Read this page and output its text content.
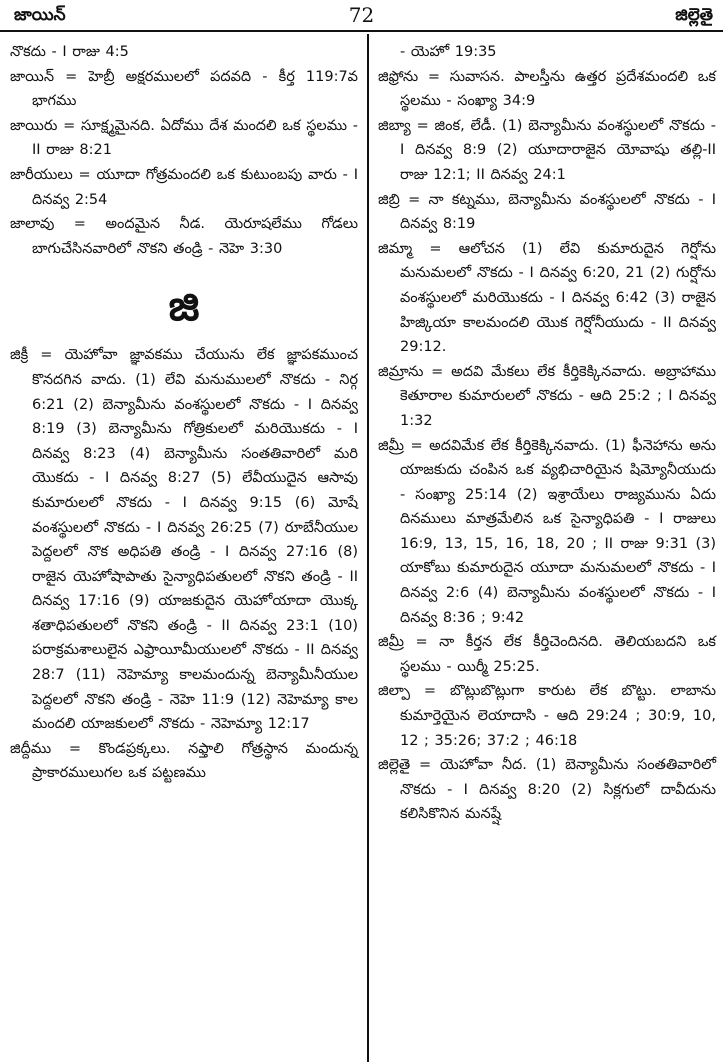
జాయిన్	72	జిల్లెతై

నొకదు - I రాజు 4:5

జాయిన్ = హెబ్రీ అక్షరములలో పదవది - కీర్త 119:7వ భాగము

జాయిరు = సూక్ష్మమైనది. ఏదోము దేశ మందలి ఒక స్థలము - II రాజు 8:21

జారీయులు = యూదా గోత్రమందలి ఒక కుటుంబపు వారు - I దినవ్వ 2:54

జాలావు = అందమైన నీడ. యెరూషలేము గోడలు బాగుచేసినవారిలో నొకని తండ్రి - నెహె 3:30

జి

జిక్రీ = యెహోవా జ్ఞావకము చేయును లేక జ్ఞాపకముంచ కొనదగిన వాదు. (1) లేవి మనుములలో నొకదు - నిర్గ 6:21 (2) బెన్యామీను వంశస్థులలో నొకదు - I దినవ్వ 8:19 (3) బెన్యామీను గోత్రికులలో మరియొకదు - I దినవ్వ 8:23 (4) బెన్యామీను సంతతివారిలో మరి యొకదు - I దినవ్వ 8:27 (5) లేవీయుదైన ఆసావు కుమారులలో నొకదు - I దినవ్వ 9:15 (6) మోషే వంశస్థులలో నొకదు - I దినవ్వ 26:25 (7) రూబేనీయుల పెద్దలలో నొక అధిపతి తండ్రి - I దినవ్వ 27:16 (8) రాజైన యెహోషాపాతు సైన్యాధిపతులలో నొకని తండ్రి - II దినవ్వ 17:16 (9) యాజకుదైన యెహోయాదా యొక్క శతాధిపతులలో నొకని తండ్రి - II దినవ్వ 23:1 (10) పరాక్రమశాలులైన ఎఫ్రాయీమీయులలో నొకదు - II దినవ్వ 28:7 (11) నెహెమ్యా కాలమందున్న బెన్యామీనీయుల పెద్దలలో నొకని తండ్రి - నెహె 11:9 (12) నెహెమ్యా కాల మందలి యాజకులలో నొకదు - నెహెమ్యా 12:17

జిద్దీము = కొండప్రక్కలు. నఫ్తాలి గోత్రస్థాన మందున్న ప్రాకారములుగల ఒక పట్టణము

- యెహో 19:35

జిఫ్రోను = సువాసన. పాలస్తీను ఉత్తర ప్రదేశమందలి ఒక స్థలము - సంఖ్యా 34:9

జిబ్యా = జింక, లేడీ. (1) బెన్యామీను వంశస్థులలో నొకదు - I దినవ్వ 8:9 (2) యూదారాజైన యోవాషు తల్లి-II రాజు 12:1; II దినవ్వ 24:1

జిబ్రి = నా కట్నము, బెన్యామీను వంశస్థులలో నొకదు - I దినవ్వ 8:19

జిమ్మా = ఆలోచన (1) లేవి కుమారుదైన గెర్షోను మనుమలలో నొకదు - I దినవ్వ 6:20, 21 (2) గుర్షోను వంశస్థులలో మరియొకదు - I దినవ్వ 6:42 (3) రాజైన హిజ్కియా కాలమందలి యొక గెర్షోనీయుదు - II దినవ్వ 29:12.

జిమ్రాను = అదవి మేకలు లేక కీర్తికెక్కినవాదు. అబ్రాహాము కెతూరాల కుమారులలో నొకదు - ఆది 25:2 ; I దినవ్వ 1:32

జిమ్రీ = అదవిమేక లేక కీర్తికెక్కినవాదు. (1) ఫీనెహాను అను యాజకుదు చంపిన ఒక వ్యభిచారియైన షిమ్యోనీయుదు - సంఖ్యా 25:14 (2) ఇశ్రాయేలు రాజ్యమును ఏదు దినములు మాత్రమేలిన ఒక సైన్యాధిపతి - I రాజులు 16:9, 13, 15, 16, 18, 20 ; II రాజు 9:31 (3) యాకోబు కుమారుదైన యూదా మనుమలలో నొకదు - I దినవ్వ 2:6 (4) బెన్యామీను వంశస్థులలో నొకదు - I దినవ్వ 8:36 ; 9:42

జిమ్రీ = నా కీర్తన లేక కీర్తిచెందినది. తెలియబదని ఒక స్థలము - యిర్మీ 25:25.

జిల్పా = బొట్లుబొట్లుగా కారుట లేక బొట్టు. లాబాను కుమార్తెయైన లెయాదాసి - ఆది 29:24 ; 30:9, 10, 12 ; 35:26; 37:2 ; 46:18

జిల్లెతై = యెహోవా నీద. (1) బెన్యామీను సంతతివారిలో నొకదు - I దినవ్వ 8:20 (2) సిక్లగులో దావీదును కలిసికొనిన మనష్షే
